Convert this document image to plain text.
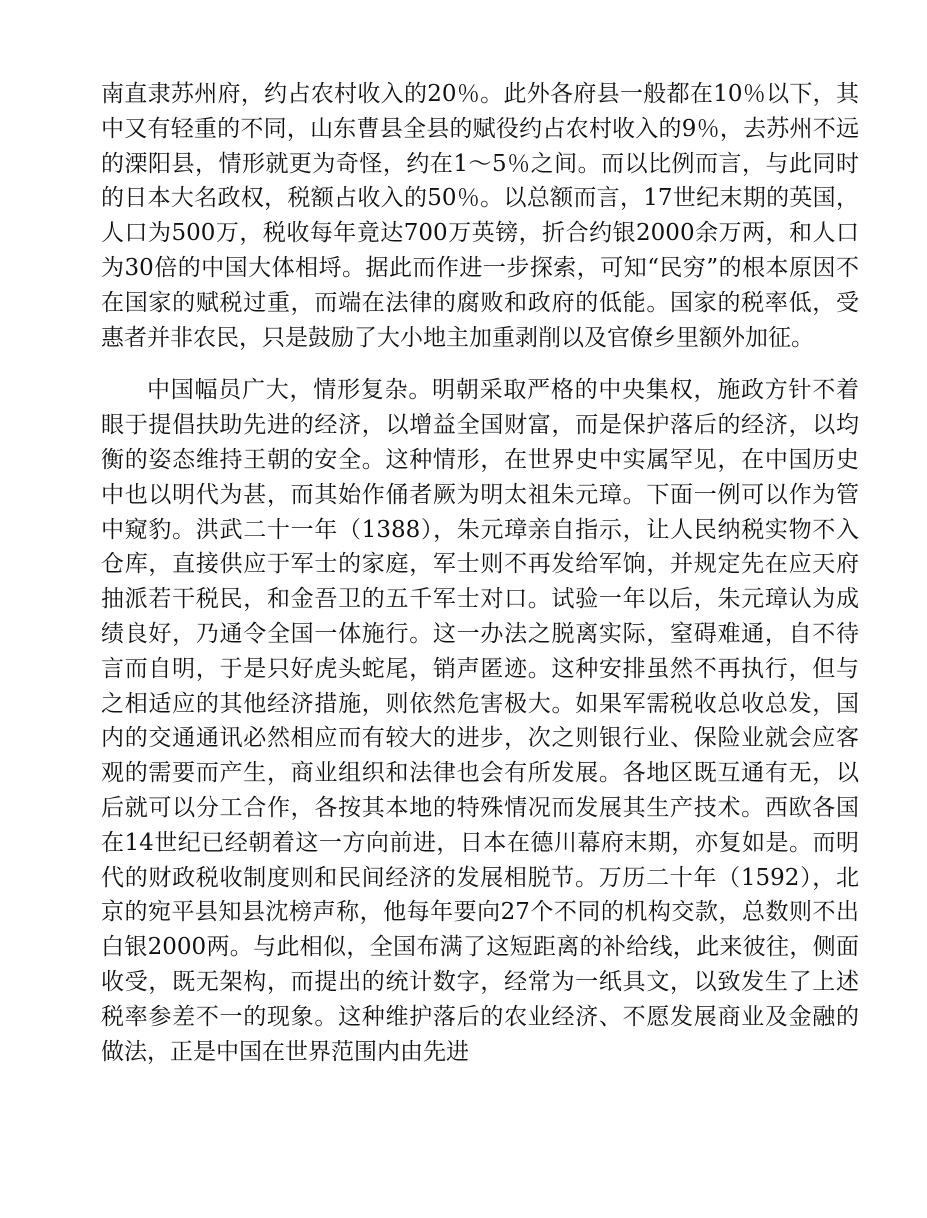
南直隶苏州府，约占农村收入的20％。此外各府县一般都在10％以下，其中又有轻重的不同，山东曹县全县的赋役约占农村收入的9％，去苏州不远的溧阳县，情形就更为奇怪，约在1～5％之间。而以比例而言，与此同时的日本大名政权，税额占收入的50％。以总额而言，17世纪末期的英国，人口为500万，税收每年竟达700万英镑，折合约银2000余万两，和人口为30倍的中国大体相埒。据此而作进一步探索，可知“民穷”的根本原因不在国家的赋税过重，而端在法律的腐败和政府的低能。国家的税率低，受惠者并非农民，只是鼓励了大小地主加重剥削以及官僚乡里额外加征。

中国幅员广大，情形复杂。明朝采取严格的中央集权，施政方针不着眼于提倡扶助先进的经济，以增益全国财富，而是保护落后的经济，以均衡的姿态维持王朝的安全。这种情形，在世界史中实属罕见，在中国历史中也以明代为甚，而其始作俑者厥为明太祖朱元璋。下面一例可以作为管中窥豹。洪武二十一年（1388），朱元璋亲自指示，让人民纳税实物不入仓库，直接供应于军士的家庭，军士则不再发给军饷，并规定先在应天府抽派若干税民，和金吾卫的五千军士对口。试验一年以后，朱元璋认为成绩良好，乃通令全国一体施行。这一办法之脱离实际，窒碍难通，自不待言而自明，于是只好虎头蛇尾，销声匿迹。这种安排虽然不再执行，但与之相适应的其他经济措施，则依然危害极大。如果军需税收总收总发，国内的交通通讯必然相应而有较大的进步，次之则银行业、保险业就会应客观的需要而产生，商业组织和法律也会有所发展。各地区既互通有无，以后就可以分工合作，各按其本地的特殊情况而发展其生产技术。西欧各国在14世纪已经朝着这一方向前进，日本在德川幕府末期，亦复如是。而明代的财政税收制度则和民间经济的发展相脱节。万历二十年（1592），北京的宛平县知县沈榜声称，他每年要向27个不同的机构交款，总数则不出白银2000两。与此相似，全国布满了这短距离的补给线，此来彼往，侧面收受，既无架构，而提出的统计数字，经常为一纸具文，以致发生了上述税率参差不一的现象。这种维护落后的农业经济、不愿发展商业及金融的做法，正是中国在世界范围内由先进
